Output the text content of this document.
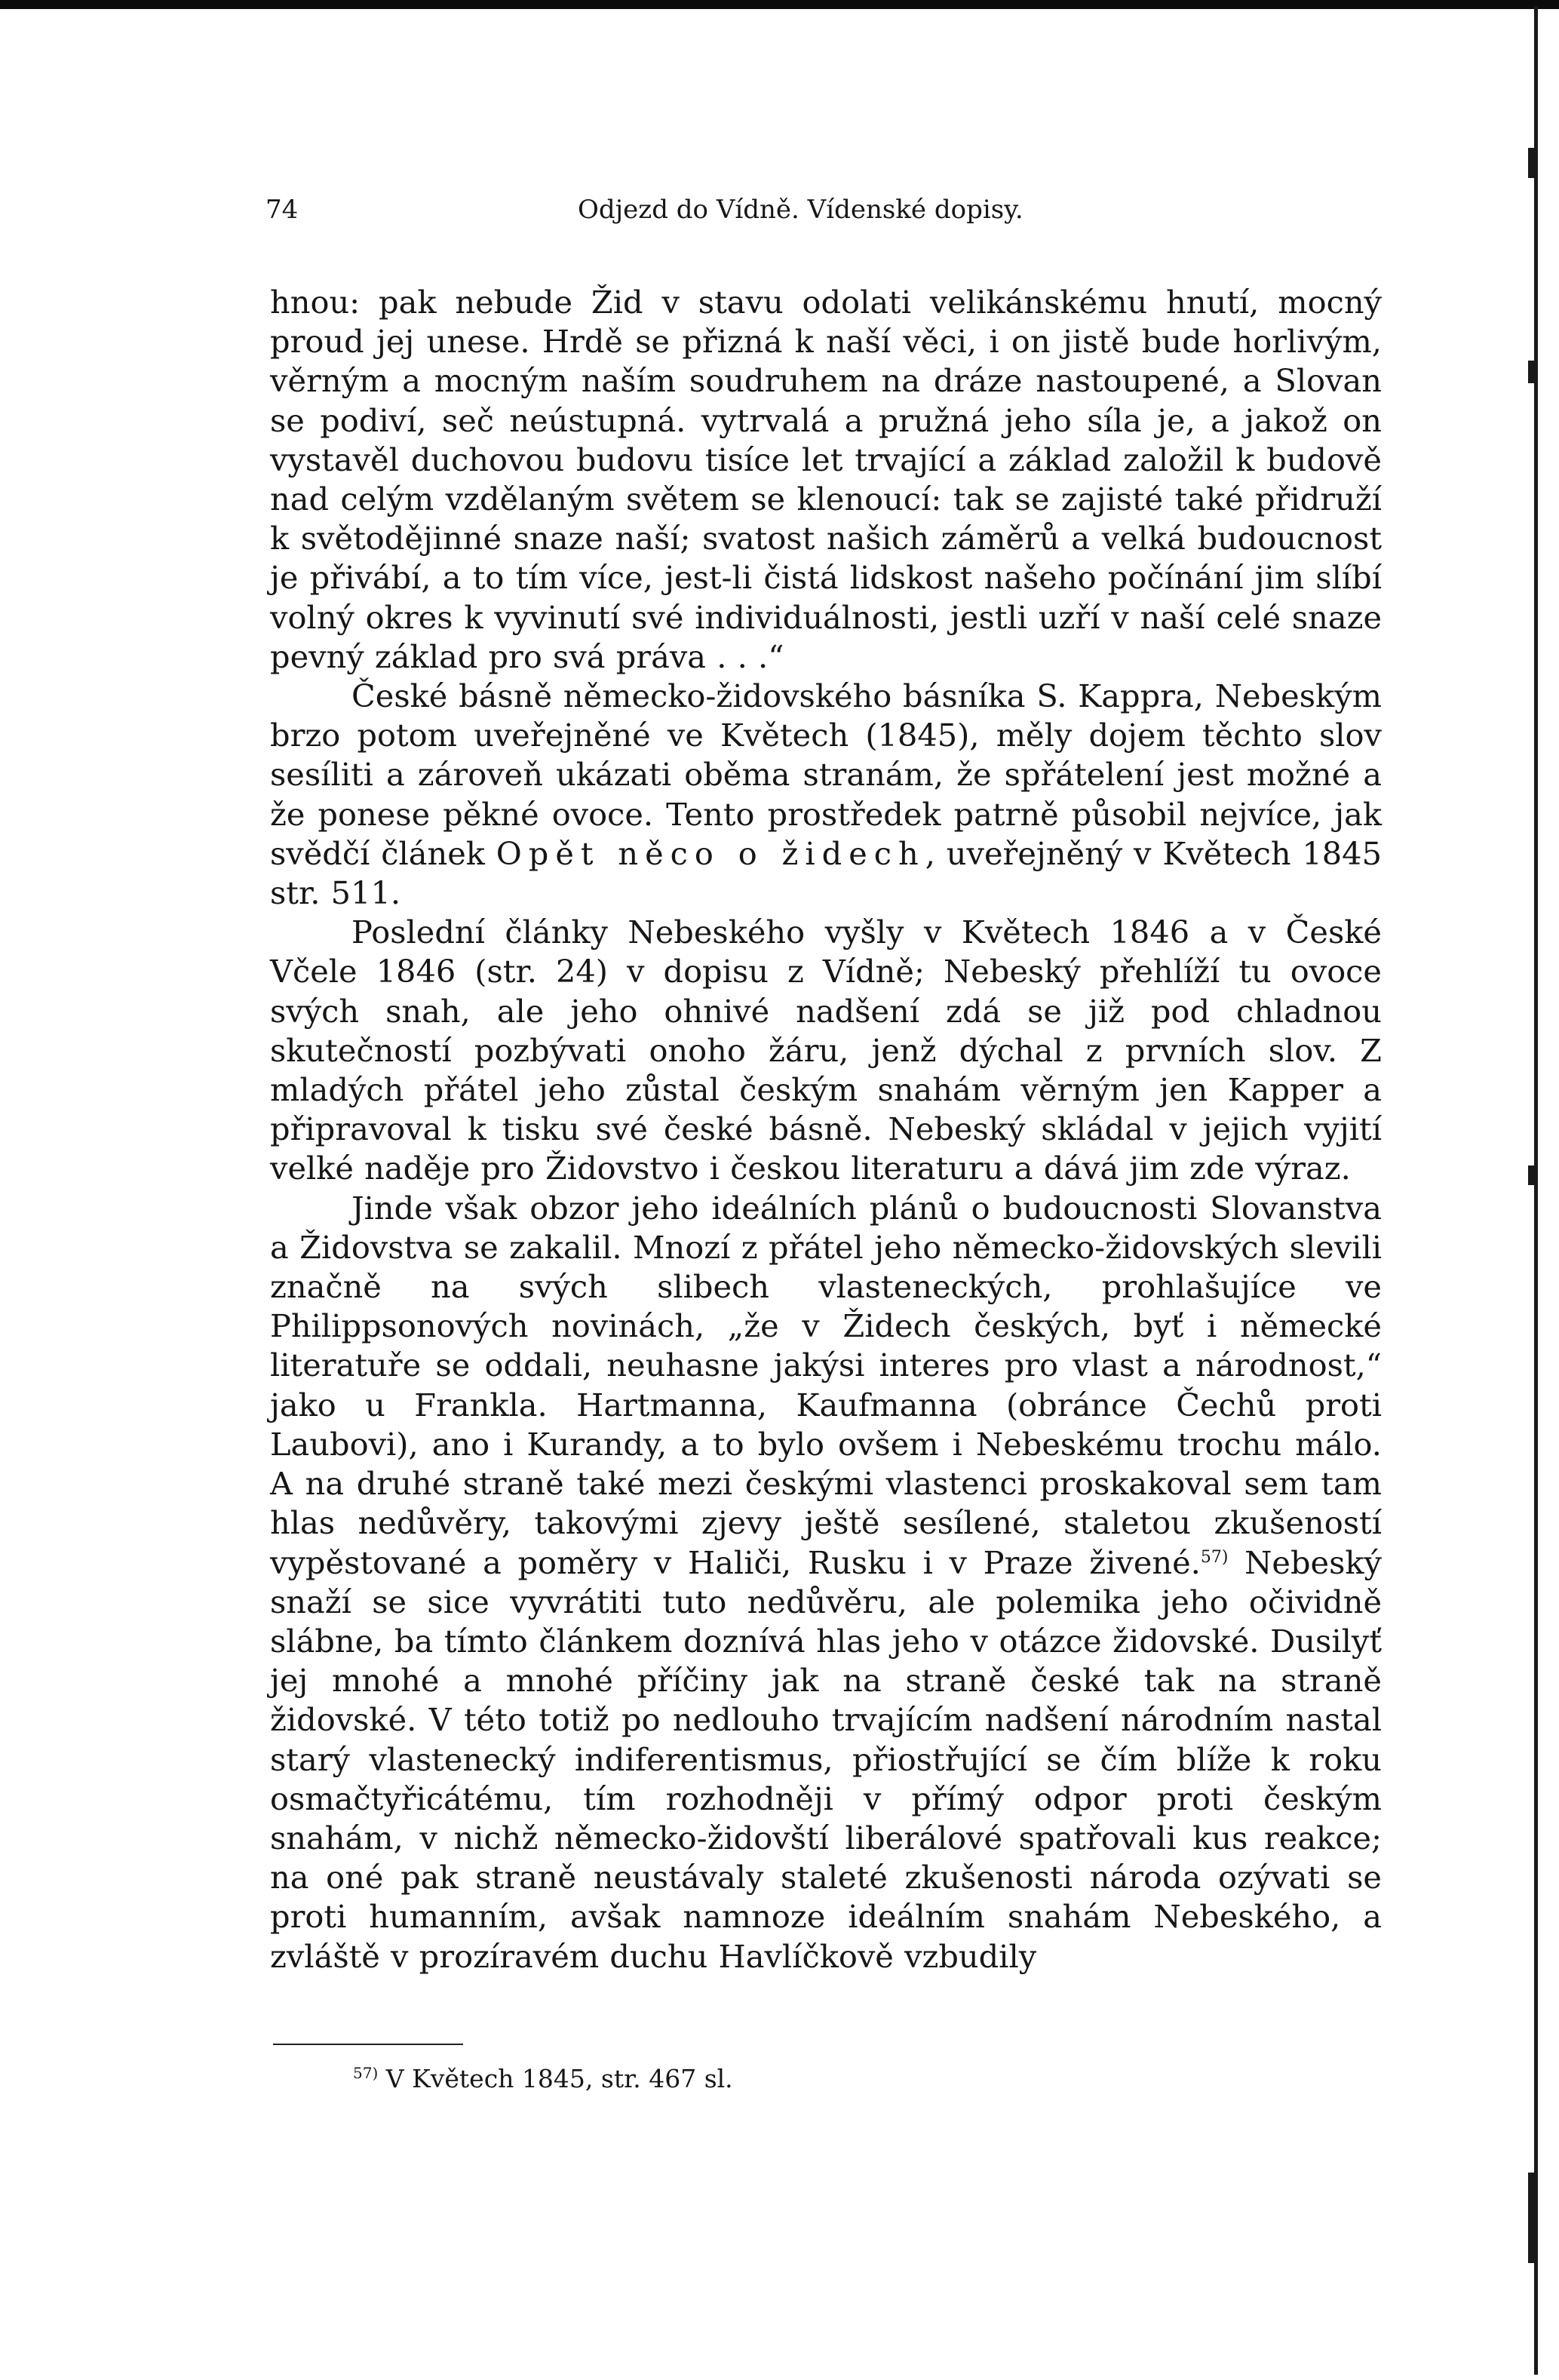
74	Odjezd do Vídně. Vídenské dopisy.

hnou: pak nebude Žid v stavu odolati velikánskému hnutí, mocný proud jej unese. Hrdě se přizná k naší věci, i on jistě bude horlivým, věrným a mocným naším soudruhem na dráze nastoupené, a Slovan se podiví, seč neústupná. vytrvalá a pružná jeho síla je, a jakož on vystavěl duchovou budovu tisíce let trvající a základ založil k budově nad celým vzdělaným světem se klenoucí: tak se zajisté také přidruží k světodějinné snaze naší; svatost našich záměrů a velká budoucnost je přivábí, a to tím více, jest-li čistá lidskost našeho počínání jim slíbí volný okres k vyvinutí své individuálnosti, jestli uzří v naší celé snaze pevný základ pro svá práva . . .“

České básně německo-židovského básníka S. Kappra, Nebeským brzo potom uveřejněné ve Květech (1845), měly dojem těchto slov sesíliti a zároveň ukázati oběma stranám, že spřátelení jest možné a že ponese pěkné ovoce. Tento prostředek patrně působil nejvíce, jak svědčí článek Opět něco o židech, uveřejněný v Květech 1845 str. 511.

Poslední články Nebeského vyšly v Květech 1846 a v České Včele 1846 (str. 24) v dopisu z Vídně; Nebeský přehlíží tu ovoce svých snah, ale jeho ohnivé nadšení zdá se již pod chladnou skutečností pozbývati onoho žáru, jenž dýchal z prvních slov. Z mladých přátel jeho zůstal českým snahám věrným jen Kapper a připravoval k tisku své české básně. Nebeský skládal v jejich vyjití velké naděje pro Židovstvo i českou literaturu a dává jim zde výraz.

Jinde však obzor jeho ideálních plánů o budoucnosti Slovanstva a Židovstva se zakalil. Mnozí z přátel jeho německo-židovských slevili značně na svých slibech vlasteneckých, prohlašujíce ve Philippsonových novinách, „že v Židech českých, byť i německé literatuře se oddali, neuhasne jakýsi interes pro vlast a národnost,“ jako u Frankla. Hartmanna, Kaufmanna (obránce Čechů proti Laubovi), ano i Kurandy, a to bylo ovšem i Nebeskému trochu málo. A na druhé straně také mezi českými vlastenci proskakoval sem tam hlas nedůvěry, takovými zjevy ještě sesílené, staletou zkušeností vypěstované a poměry v Haliči, Rusku i v Praze živené.$^{57)}$ Nebeský snaží se sice vyvrátiti tuto nedůvěru, ale polemika jeho očividně slábne, ba tímto článkem doznívá hlas jeho v otázce židovské. Dusilyť jej mnohé a mnohé příčiny jak na straně české tak na straně židovské. V této totiž po nedlouho trvajícím nadšení národním nastal starý vlastenecký indiferentismus, přiostřující se čím blíže k roku osmačtyřicátému, tím rozhodněji v přímý odpor proti českým snahám, v nichž německo-židovští liberálové spatřovali kus reakce; na oné pak straně neustávaly staleté zkušenosti národa ozývati se proti humanním, avšak namnoze ideálním snahám Nebeského, a zvláště v prozíravém duchu Havlíčkově vzbudily

$^{57)}$ V Květech 1845, str. 467 sl.
